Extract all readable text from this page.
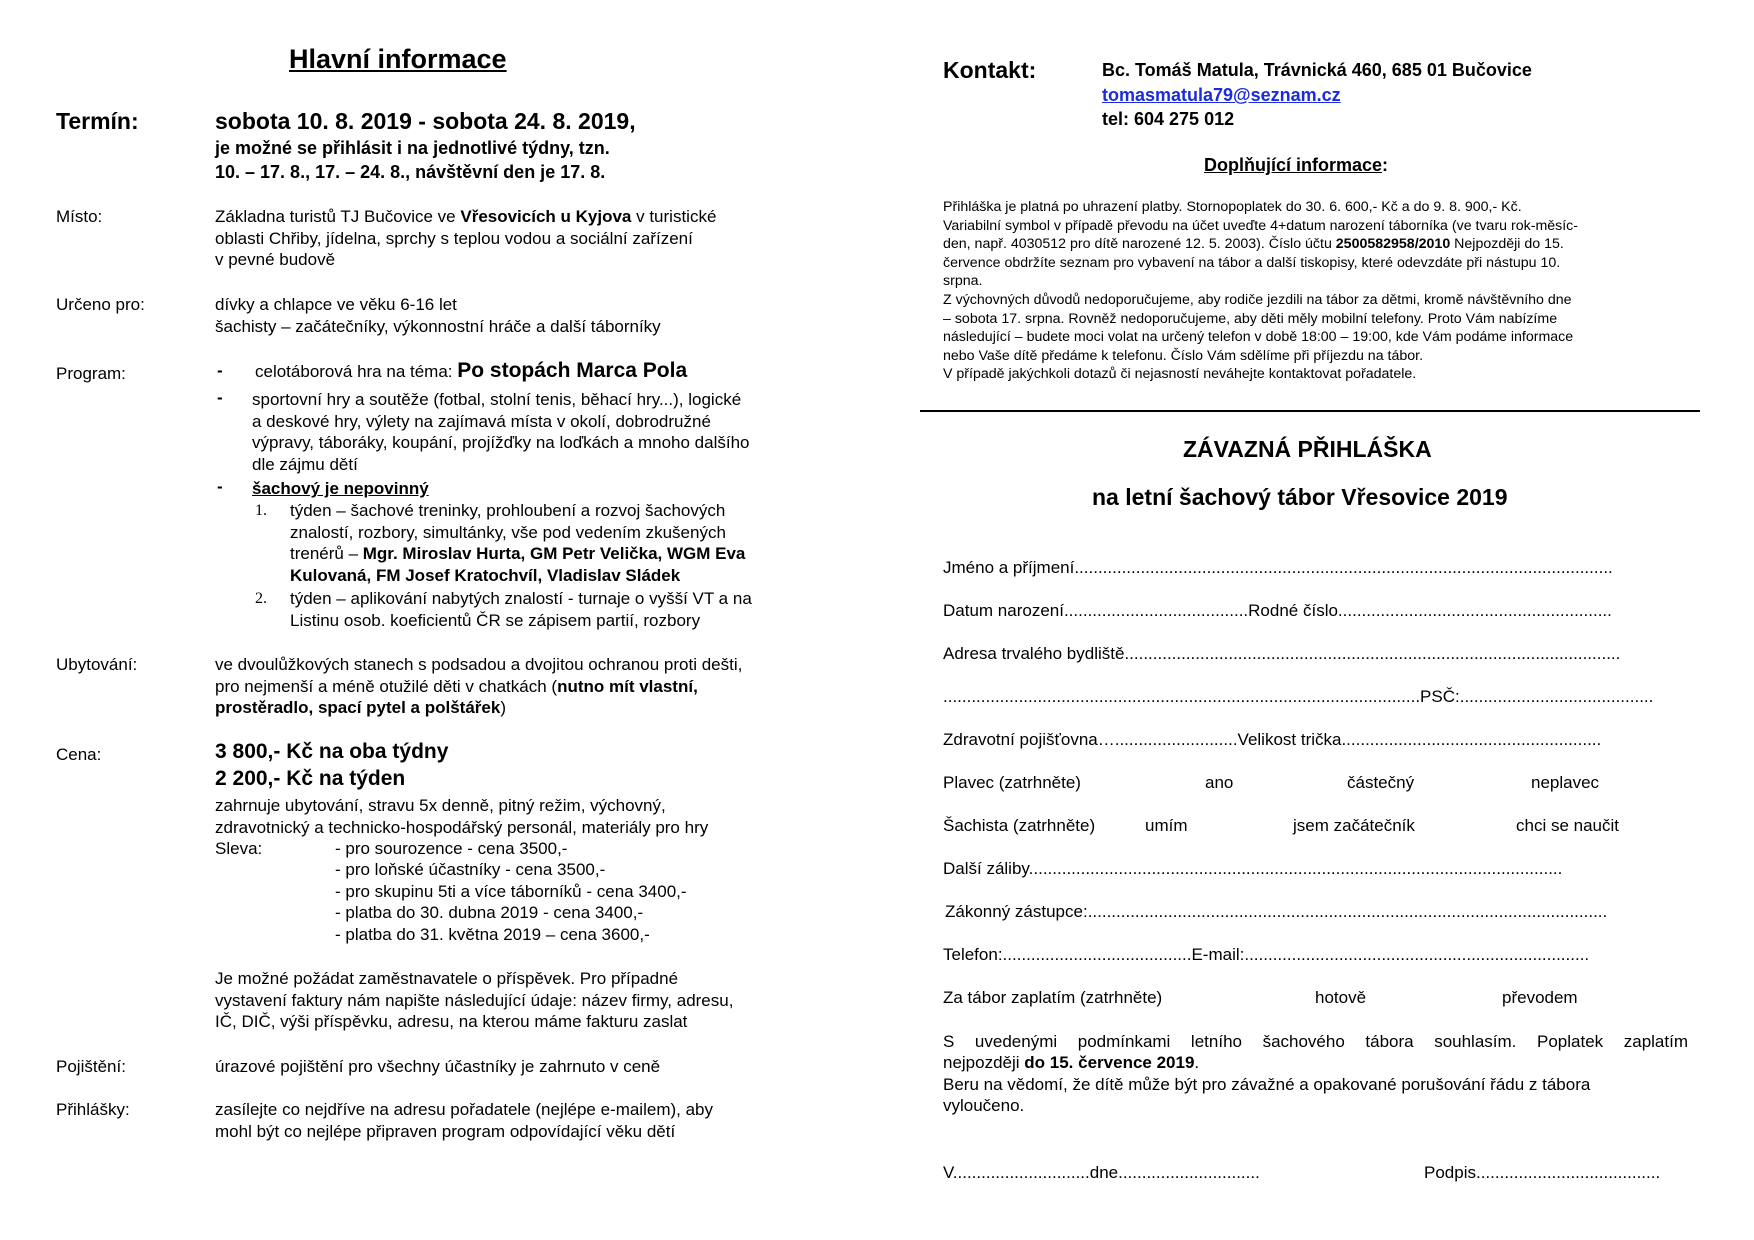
Hlavní informace
Termín:	sobota 10. 8. 2019 - sobota 24. 8. 2019,
je možné se přihlásit i na jednotlivé týdny, tzn.
10. – 17. 8., 17. – 24. 8., návštěvní den je 17. 8.
Místo:	Základna turistů TJ Bučovice ve Vřesovicích u Kyjova v turistické
oblasti Chřiby, jídelna, sprchy s teplou vodou a sociální zařízení
v pevné budově
Určeno pro:	dívky a chlapce ve věku 6-16 let
šachisty – začátečníky, výkonnostní hráče a další táborníky
Program:	- celotáborová hra na téma: Po stopách Marca Pola
- sportovní hry a soutěže (fotbal, stolní tenis, běhací hry...), logické
a deskové hry, výlety na zajímavá místa v okolí, dobrodružné
výpravy, táboráky, koupání, projížďky na loďkách a mnoho dalšího
dle zájmu dětí
- šachový je nepovinný
1. týden – šachové treninky, prohloubení a rozvoj šachových
znalostí, rozbory, simultánky, vše pod vedením zkušených
trenérů – Mgr. Miroslav Hurta, GM Petr Velička, WGM Eva
Kulovaná, FM Josef Kratochvíl, Vladislav Sládek
2. týden – aplikování nabytých znalostí - turnaje o vyšší VT a na
Listinu osob. koeficientů ČR se zápisem partií, rozbory
Ubytování:	ve dvoulůžkových stanech s podsadou a dvojitou ochranou proti dešti,
pro nejmenší a méně otužilé děti v chatkách (nutno mít vlastní,
prostěradlo, spací pytel a polštářek)
Cena:	3 800,- Kč na oba týdny
2 200,- Kč na týden
zahrnuje ubytování, stravu 5x denně, pitný režim, výchovný,
zdravotnický a technicko-hospodářský personál, materiály pro hry
Sleva:	- pro sourozence - cena 3500,-
- pro loňské účastníky - cena 3500,-
- pro skupinu 5ti a více táborníků - cena 3400,-
- platba do 30. dubna 2019 - cena 3400,-
- platba do 31. května 2019 – cena 3600,-
Je možné požádat zaměstnavatele o příspěvek. Pro případné
vystavení faktury nám napište následující údaje: název firmy, adresu,
IČ, DIČ, výši příspěvku, adresu, na kterou máme fakturu zaslat
Pojištění:	úrazové pojištění pro všechny účastníky je zahrnuto v ceně
Přihlášky:	zasílejte co nejdříve na adresu pořadatele (nejlépe e-mailem), aby
mohl být co nejlépe připraven program odpovídající věku dětí
Kontakt:	Bc. Tomáš Matula, Trávnická 460, 685 01 Bučovice
tomasmatula79@seznam.cz
tel: 604 275 012
Doplňující informace:
Přihláška je platná po uhrazení platby. Stornopoplatek do 30. 6. 600,- Kč a do 9. 8. 900,- Kč.
Variabilní symbol v případě převodu na účet uveďte 4+datum narození táborníka (ve tvaru rok-měsíc-
den, např. 4030512 pro dítě narozené 12. 5. 2003). Číslo účtu 2500582958/2010 Nejpozději do 15.
července obdržíte seznam pro vybavení na tábor a další tiskopisy, které odevzdáte při nástupu 10.
srpna.
Z výchovných důvodů nedoporučujeme, aby rodiče jezdili na tábor za dětmi, kromě návštěvního dne
– sobota 17. srpna. Rovněž nedoporučujeme, aby děti měly mobilní telefony. Proto Vám nabízíme
následující – budete moci volat na určený telefon v době 18:00 – 19:00, kde Vám podáme informace
nebo Vaše dítě předáme k telefonu. Číslo Vám sdělíme při příjezdu na tábor.
V případě jakýchkoli dotazů či nejasností neváhejte kontaktovat pořadatele.
ZÁVAZNÁ PŘIHLÁŠKA
na letní šachový tábor Vřesovice 2019
Jméno a příjmení..................................................................................................................
Datum narození.......................................Rodné číslo..........................................................
Adresa trvalého bydliště.........................................................................................................
.....................................................................................................PSČ:.........................................
Zdravotní pojišťovna…..........................Velikost trička.......................................................
Plavec (zatrhněte)	ano	částečný	neplavec
Šachista (zatrhněte)	umím	jsem začátečník	chci se naučit
Další záliby.................................................................................................................
Zákonný zástupce:..............................................................................................................
Telefon:........................................E-mail:.........................................................................
Za tábor zaplatím (zatrhněte)	hotově	převodem
S uvedenými podmínkami letního šachového tábora souhlasím. Poplatek zaplatím
nejpozději do 15. července 2019.
Beru na vědomí, že dítě může být pro závažné a opakované porušování řádu z tábora
vyloučeno.
V.............................dne..............................	Podpis.......................................
